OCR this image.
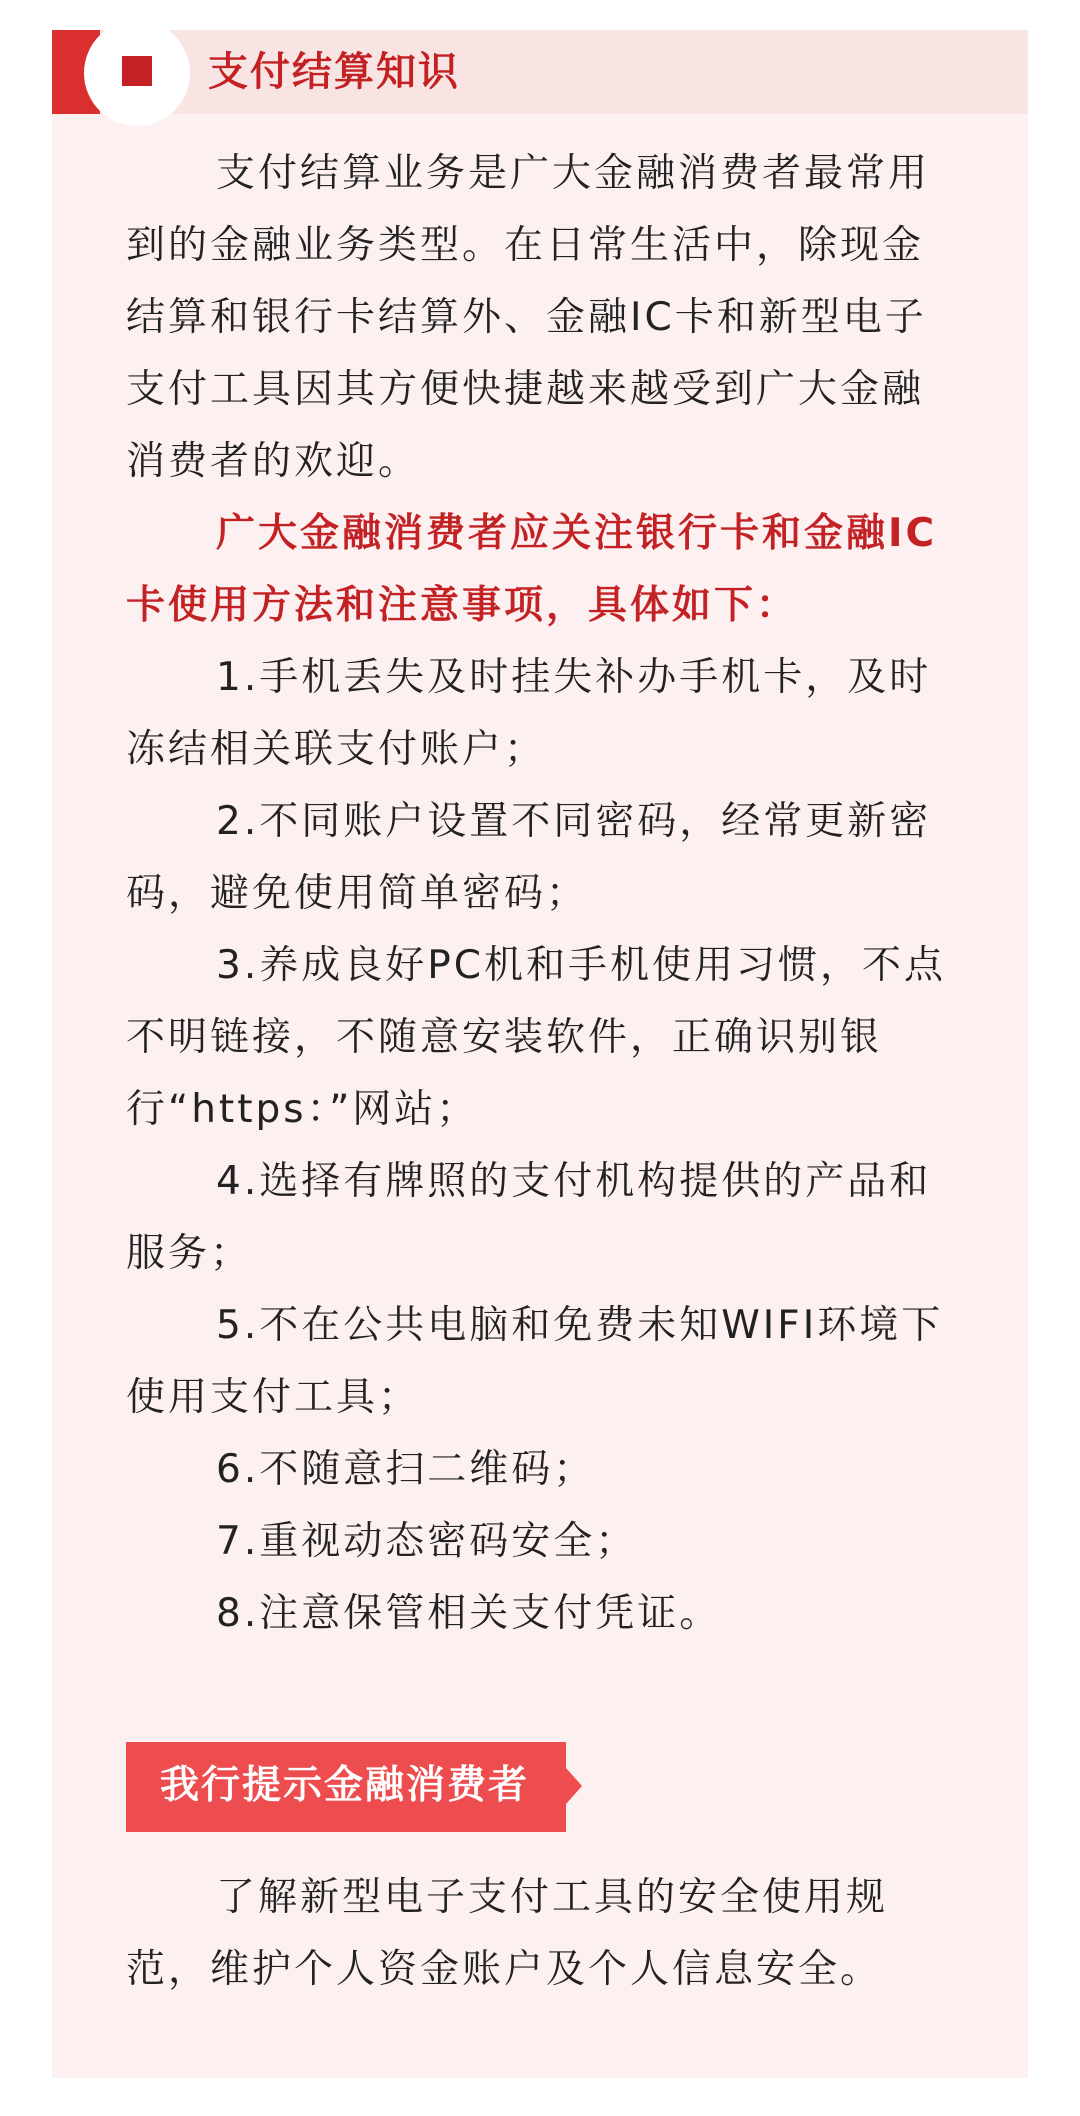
支付结算知识

支付结算业务是广大金融消费者最常用到的金融业务类型。在日常生活中，除现金结算和银行卡结算外、金融IC卡和新型电子支付工具因其方便快捷越来越受到广大金融消费者的欢迎。

广大金融消费者应关注银行卡和金融IC卡使用方法和注意事项，具体如下：

1.手机丢失及时挂失补办手机卡，及时冻结相关联支付账户；

2.不同账户设置不同密码，经常更新密码，避免使用简单密码；

3.养成良好PC机和手机使用习惯，不点不明链接，不随意安装软件，正确识别银行“https：”网站；

4.选择有牌照的支付机构提供的产品和服务；

5.不在公共电脑和免费未知WIFI环境下使用支付工具；

6.不随意扫二维码；

7.重视动态密码安全；

8.注意保管相关支付凭证。

我行提示金融消费者

了解新型电子支付工具的安全使用规范，维护个人资金账户及个人信息安全。
